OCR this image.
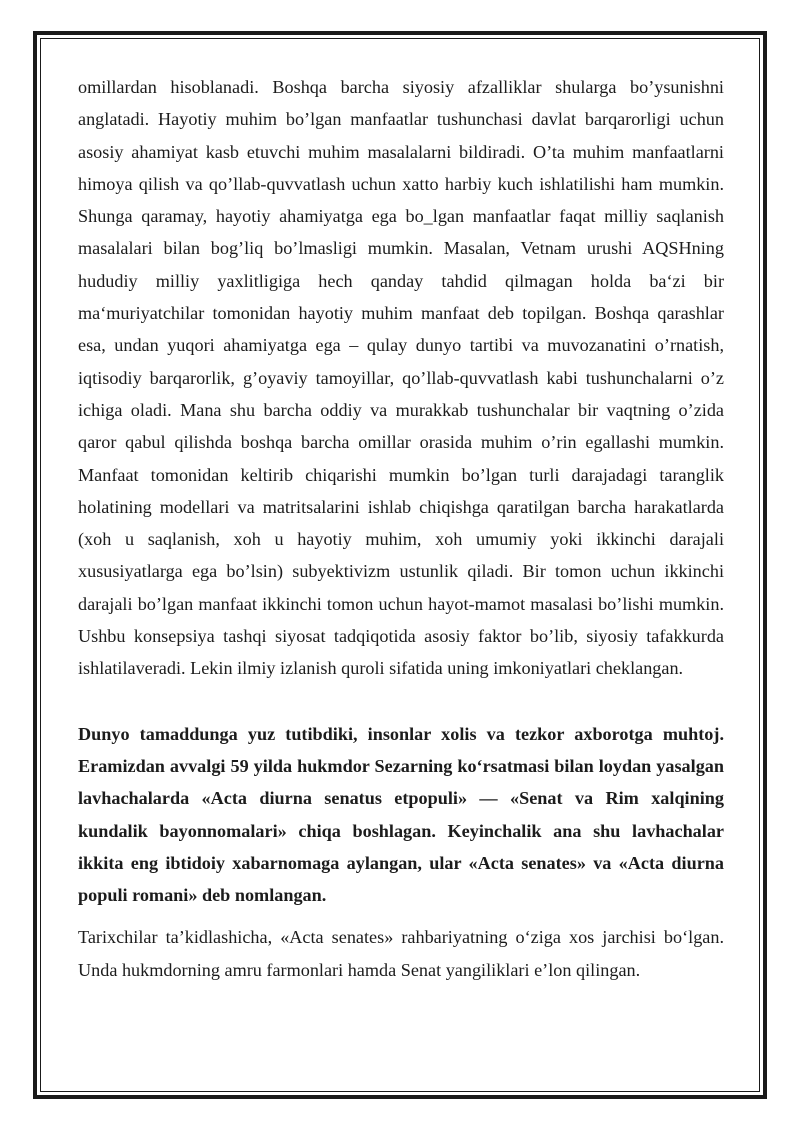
omillardan hisoblanadi. Boshqa barcha siyosiy afzalliklar shularga bo’ysunishni anglatadi. Hayotiy muhim bo’lgan manfaatlar tushunchasi davlat barqarorligi uchun asosiy ahamiyat kasb etuvchi muhim masalalarni bildiradi. O’ta muhim manfaatlarni himoya qilish va qo’llab-quvvatlash uchun xatto harbiy kuch ishlatilishi ham mumkin. Shunga qaramay, hayotiy ahamiyatga ega bo_lgan manfaatlar faqat milliy saqlanish masalalari bilan bog’liq bo’lmasligi mumkin. Masalan, Vetnam urushi AQSHning hududiy milliy yaxlitligiga hech qanday tahdid qilmagan holda ba‘zi bir ma‘muriyatchilar tomonidan hayotiy muhim manfaat deb topilgan. Boshqa qarashlar esa, undan yuqori ahamiyatga ega – qulay dunyo tartibi va muvozanatini o’rnatish, iqtisodiy barqarorlik, g’oyaviy tamoyillar, qo’llab-quvvatlash kabi tushunchalarni o’z ichiga oladi. Mana shu barcha oddiy va murakkab tushunchalar bir vaqtning o’zida qaror qabul qilishda boshqa barcha omillar orasida muhim o’rin egallashi mumkin. Manfaat tomonidan keltirib chiqarishi mumkin bo’lgan turli darajadagi taranglik holatining modellari va matritsalarini ishlab chiqishga qaratilgan barcha harakatlarda (xoh u saqlanish, xoh u hayotiy muhim, xoh umumiy yoki ikkinchi darajali xususiyatlarga ega bo’lsin) subyektivizm ustunlik qiladi. Bir tomon uchun ikkinchi darajali bo’lgan manfaat ikkinchi tomon uchun hayot-mamot masalasi bo’lishi mumkin. Ushbu konsepsiya tashqi siyosat tadqiqotida asosiy faktor bo’lib, siyosiy tafakkurda ishlatilaveradi. Lekin ilmiy izlanish quroli sifatida uning imkoniyatlari cheklangan.

Dunyo tamaddunga yuz tutibdiki, insonlar xolis va tezkor axborotga muhtoj. Eramizdan avvalgi 59 yilda hukmdor Sezarning ko‘rsatmasi bilan loydan yasalgan lavhachalarda «Acta diurna senatus etpopuli» — «Senat va Rim xalqining kundalik bayonnomalari» chiqa boshlagan. Keyinchalik ana shu lavhachalar ikkita eng ibtidoiy xabarnomaga aylangan, ular «Acta senates» va «Acta diurna populi romani» deb nomlangan.

Tarixchilar ta’kidlashicha, «Acta senates» rahbariyatning o‘ziga xos jarchisi bo‘lgan. Unda hukmdorning amru farmonlari hamda Senat yangiliklari e’lon qilingan.
